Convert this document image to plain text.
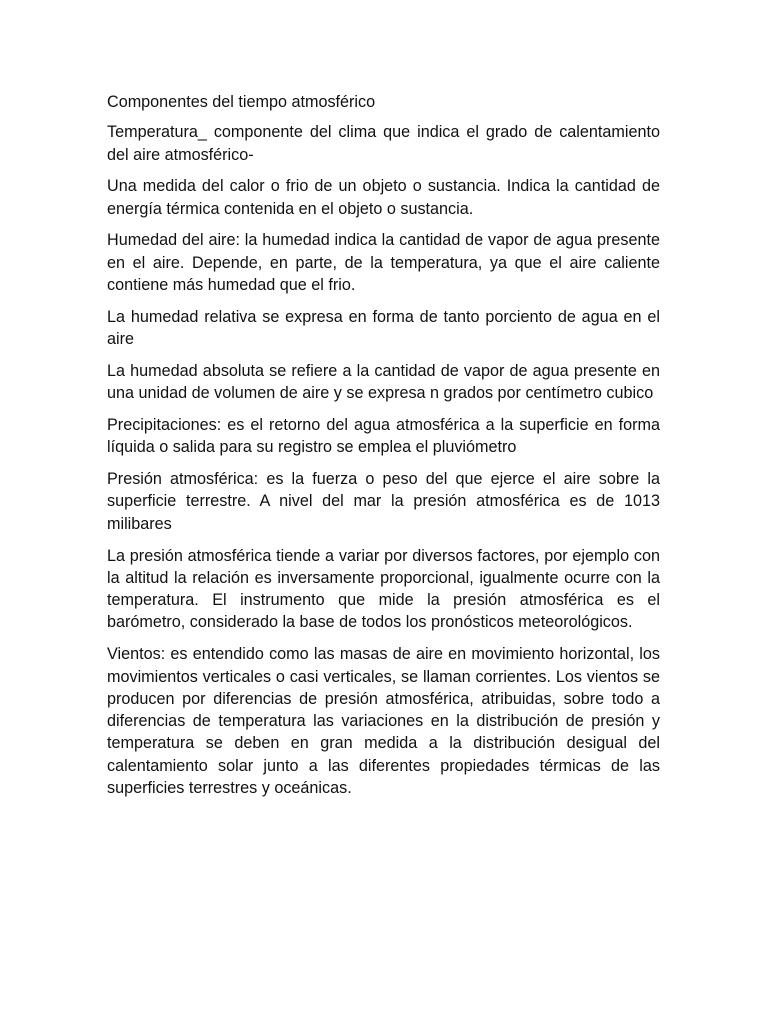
Componentes del tiempo atmosférico

Temperatura_ componente del clima que indica el grado de calentamiento del aire atmosférico-

Una medida del calor o frio de un objeto o sustancia. Indica la cantidad de energía térmica contenida en el objeto o sustancia.

Humedad del aire: la humedad indica la cantidad de vapor de agua presente en el aire. Depende, en parte, de la temperatura, ya que el aire caliente contiene más humedad que el frio.

La humedad relativa se expresa en forma de tanto porciento de agua en el aire

La humedad absoluta se refiere a la cantidad de vapor de agua presente en una unidad de volumen de aire y se expresa n grados por centímetro cubico

Precipitaciones: es el retorno del agua atmosférica a la superficie en forma líquida o salida para su registro se emplea el pluviómetro

Presión atmosférica: es la fuerza o peso del que ejerce el aire sobre la superficie terrestre. A nivel del mar la presión atmosférica es de 1013 milibares

La presión atmosférica tiende a variar por diversos factores, por ejemplo con la altitud la relación es inversamente proporcional, igualmente ocurre con la temperatura. El instrumento que mide la presión atmosférica es el barómetro, considerado la base de todos los pronósticos meteorológicos.

Vientos: es entendido como las masas de aire en movimiento horizontal, los movimientos verticales o casi verticales, se llaman corrientes. Los vientos se producen por diferencias de presión atmosférica, atribuidas, sobre todo a diferencias de temperatura las variaciones en la distribución de presión y temperatura se deben en gran medida a la distribución desigual del calentamiento solar junto a las diferentes propiedades térmicas de las superficies terrestres y oceánicas.
